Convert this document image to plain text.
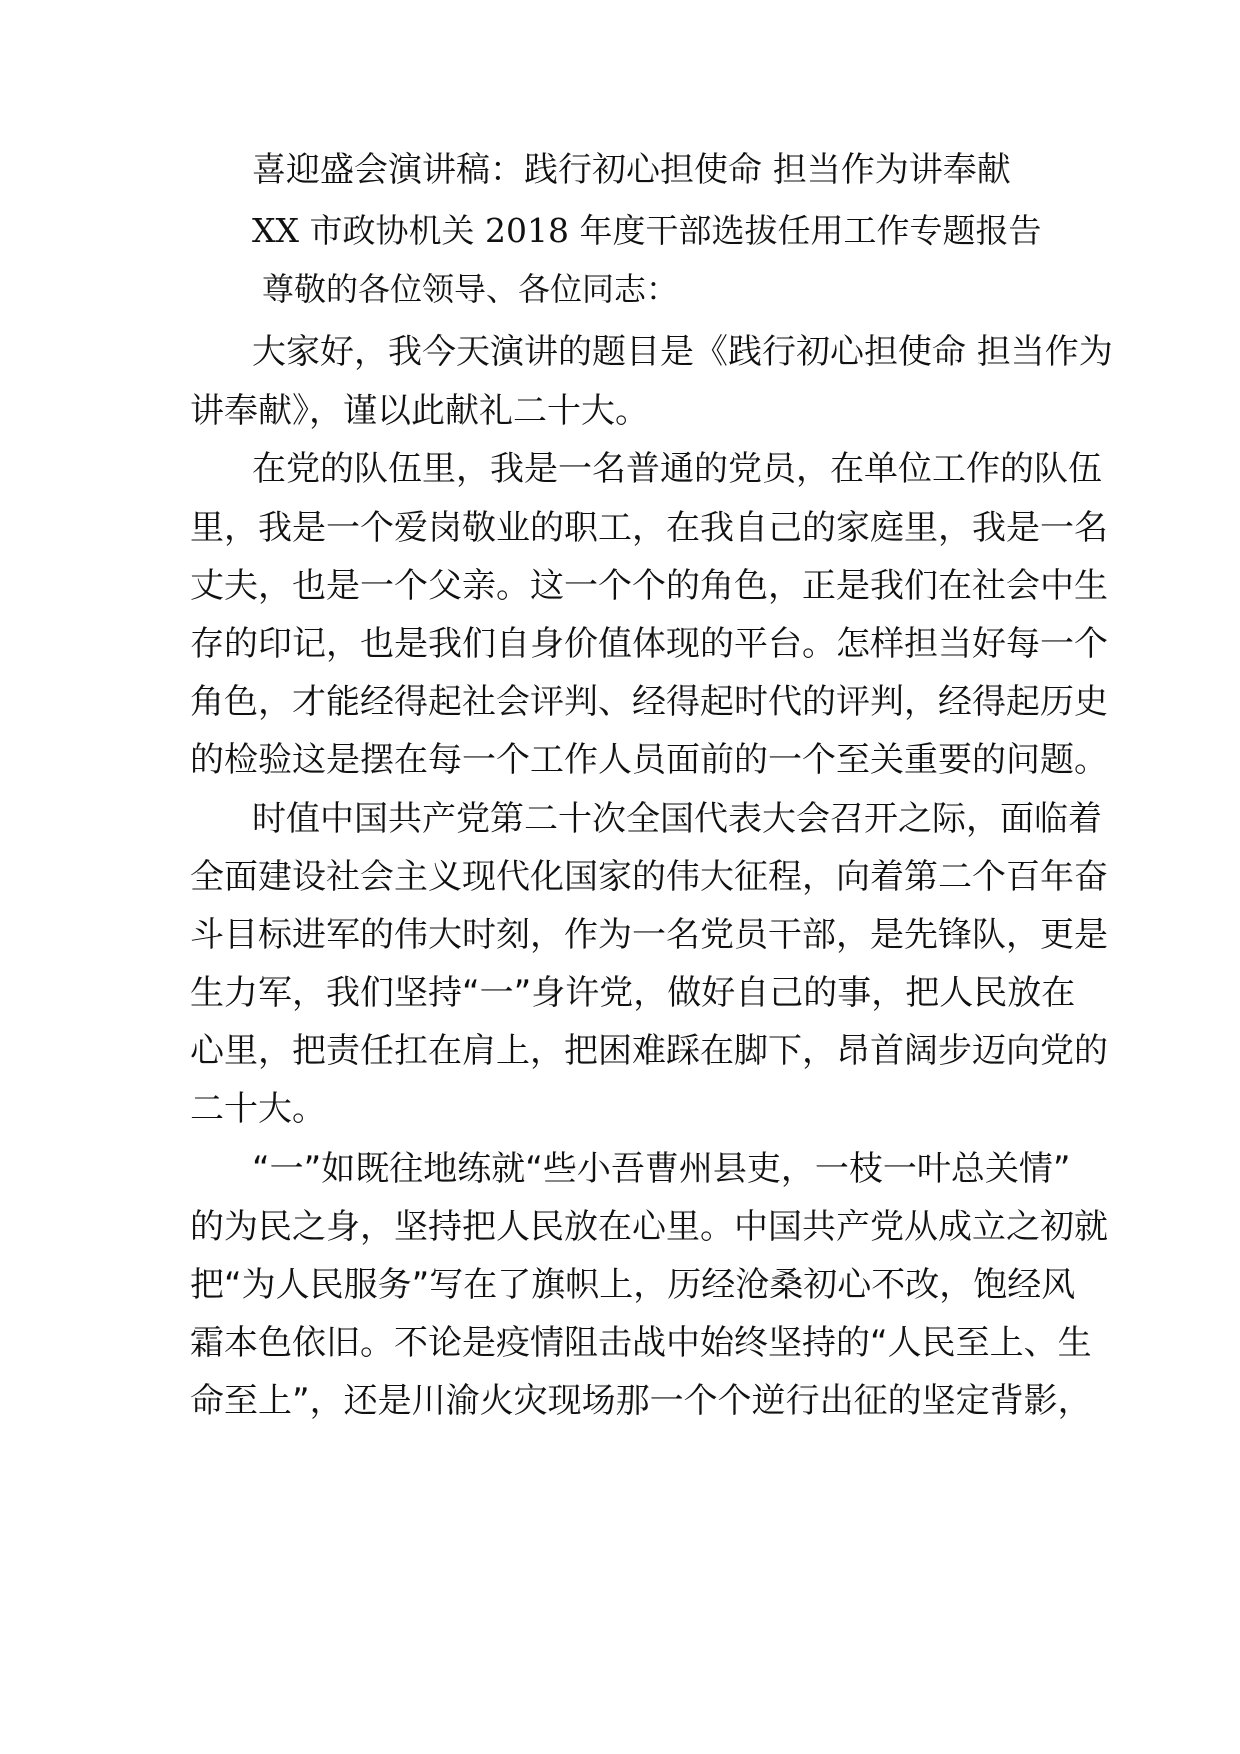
喜迎盛会演讲稿：践行初心担使命 担当作为讲奉献
XX 市政协机关 2018 年度干部选拔任用工作专题报告
尊敬的各位领导、各位同志：
大家好，我今天演讲的题目是《践行初心担使命 担当作为
讲奉献》，谨以此献礼二十大。
在党的队伍里，我是一名普通的党员，在单位工作的队伍
里，我是一个爱岗敬业的职工，在我自己的家庭里，我是一名
丈夫，也是一个父亲。这一个个的角色，正是我们在社会中生
存的印记，也是我们自身价值体现的平台。怎样担当好每一个
角色，才能经得起社会评判、经得起时代的评判，经得起历史
的检验这是摆在每一个工作人员面前的一个至关重要的问题。
时值中国共产党第二十次全国代表大会召开之际，面临着
全面建设社会主义现代化国家的伟大征程，向着第二个百年奋
斗目标进军的伟大时刻，作为一名党员干部，是先锋队，更是
生力军，我们坚持“一”身许党，做好自己的事，把人民放在
心里，把责任扛在肩上，把困难踩在脚下，昂首阔步迈向党的
二十大。
“一”如既往地练就“些小吾曹州县吏，一枝一叶总关情”
的为民之身，坚持把人民放在心里。中国共产党从成立之初就
把“为人民服务”写在了旗帜上，历经沧桑初心不改，饱经风
霜本色依旧。不论是疫情阻击战中始终坚持的“人民至上、生
命至上”，还是川渝火灾现场那一个个逆行出征的坚定背影，
